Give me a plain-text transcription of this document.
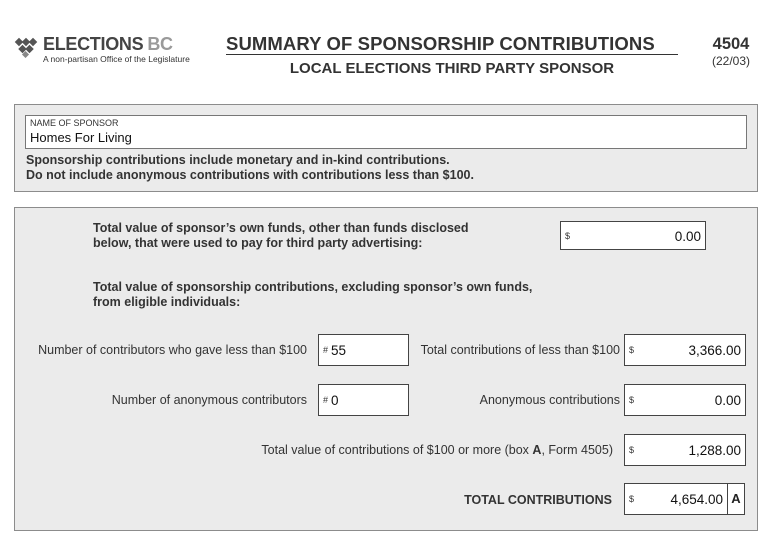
ELECTIONS BC
A non-partisan Office of the Legislature
SUMMARY OF SPONSORSHIP CONTRIBUTIONS
LOCAL ELECTIONS THIRD PARTY SPONSOR
4504
(22/03)
NAME OF SPONSOR
Homes For Living
Sponsorship contributions include monetary and in-kind contributions.
Do not include anonymous contributions with contributions less than $100.
Total value of sponsor’s own funds, other than funds disclosed
below, that were used to pay for third party advertising:	$	0.00
Total value of sponsorship contributions, excluding sponsor’s own funds,
from eligible individuals:
Number of contributors who gave less than $100 # 55	Total contributions of less than $100 $	3,366.00
Number of anonymous contributors # 0	Anonymous contributions $	0.00
Total value of contributions of $100 or more (box A, Form 4505) $	1,288.00
TOTAL CONTRIBUTIONS $	4,654.00 A
